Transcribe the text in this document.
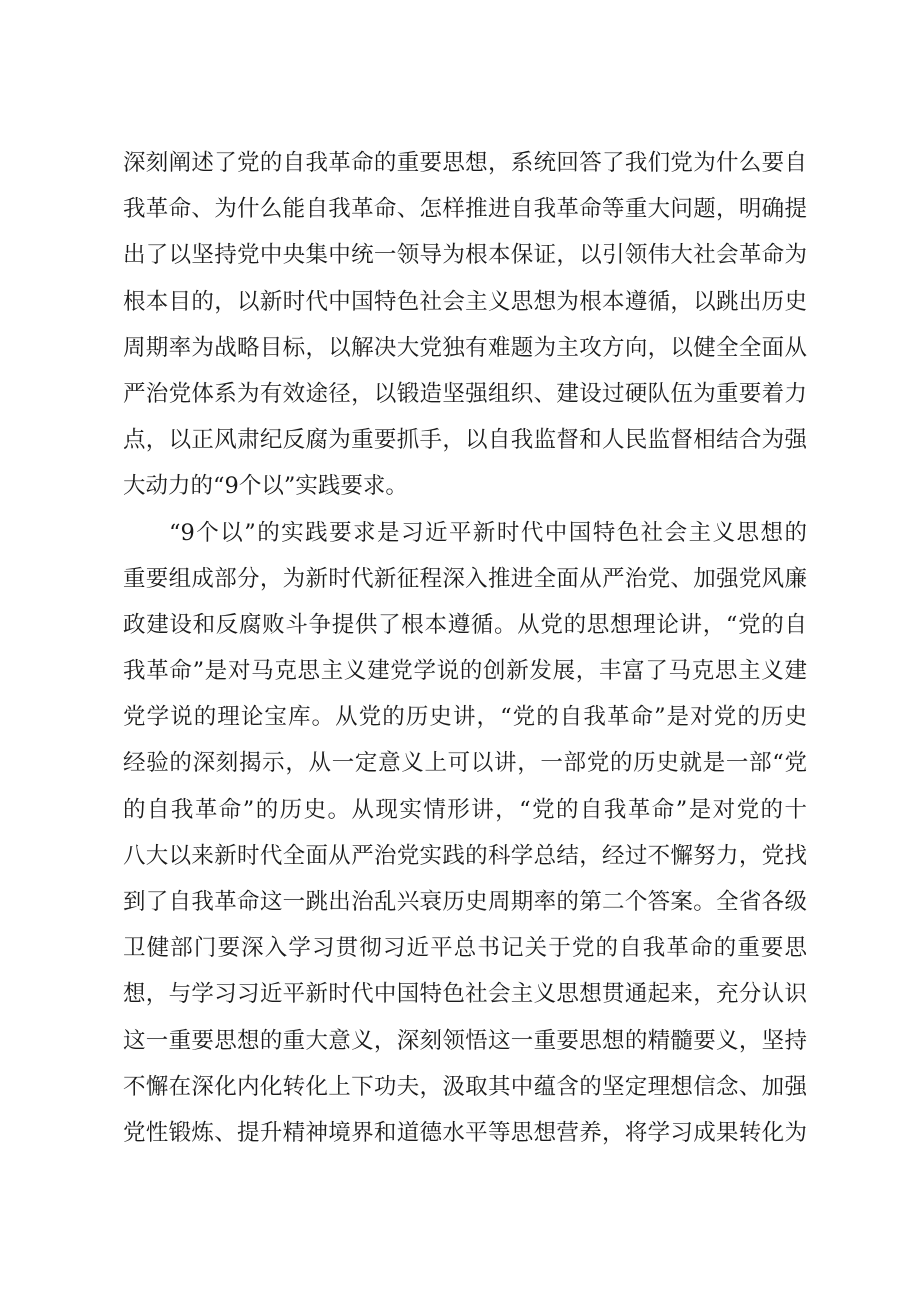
深刻阐述了党的自我革命的重要思想，系统回答了我们党为什么要自
我革命、为什么能自我革命、怎样推进自我革命等重大问题，明确提
出了以坚持党中央集中统一领导为根本保证，以引领伟大社会革命为
根本目的，以新时代中国特色社会主义思想为根本遵循，以跳出历史
周期率为战略目标，以解决大党独有难题为主攻方向，以健全全面从
严治党体系为有效途径，以锻造坚强组织、建设过硬队伍为重要着力
点，以正风肃纪反腐为重要抓手，以自我监督和人民监督相结合为强
大动力的“9个以”实践要求。
“9个以”的实践要求是习近平新时代中国特色社会主义思想的
重要组成部分，为新时代新征程深入推进全面从严治党、加强党风廉
政建设和反腐败斗争提供了根本遵循。从党的思想理论讲，“党的自
我革命”是对马克思主义建党学说的创新发展，丰富了马克思主义建
党学说的理论宝库。从党的历史讲，“党的自我革命”是对党的历史
经验的深刻揭示，从一定意义上可以讲，一部党的历史就是一部“党
的自我革命”的历史。从现实情形讲，“党的自我革命”是对党的十
八大以来新时代全面从严治党实践的科学总结，经过不懈努力，党找
到了自我革命这一跳出治乱兴衰历史周期率的第二个答案。全省各级
卫健部门要深入学习贯彻习近平总书记关于党的自我革命的重要思
想，与学习习近平新时代中国特色社会主义思想贯通起来，充分认识
这一重要思想的重大意义，深刻领悟这一重要思想的精髓要义，坚持
不懈在深化内化转化上下功夫，汲取其中蕴含的坚定理想信念、加强
党性锻炼、提升精神境界和道德水平等思想营养，将学习成果转化为
